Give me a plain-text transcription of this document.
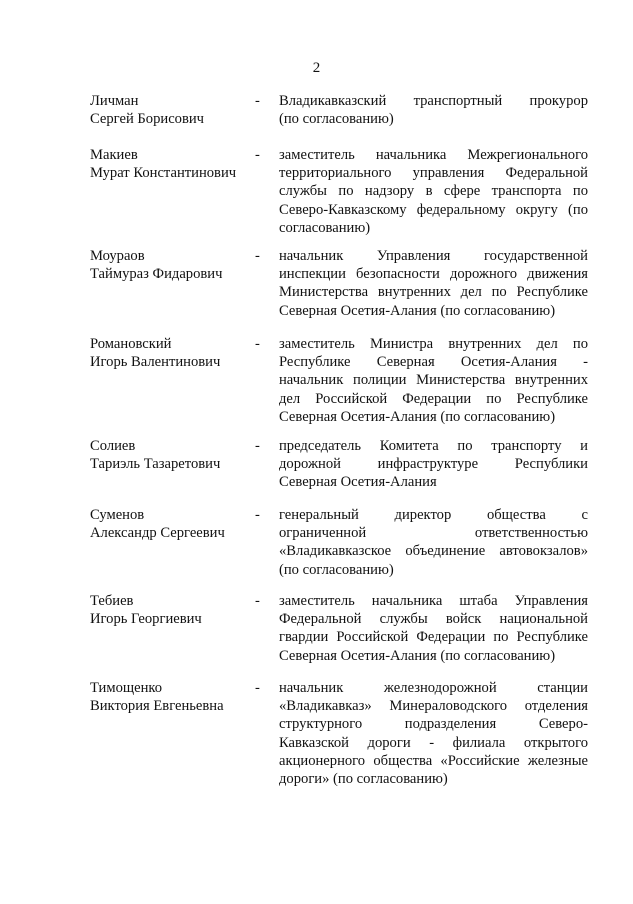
2
Личман
Сергей Борисович
-	Владикавказский транспортный прокурор
(по согласованию)
Макиев
Мурат Константинович
-	заместитель начальника Межрегионального
территориального управления Федеральной
службы по надзору в сфере транспорта по
Северо-Кавказскому федеральному округу (по
согласованию)
Моураов
Таймураз Фидарович
-	начальник Управления государственной
инспекции безопасности дорожного движения
Министерства внутренних дел по Республике
Северная Осетия-Алания (по согласованию)
Романовский
Игорь Валентинович
-	заместитель Министра внутренних дел по
Республике Северная Осетия-Алания -
начальник полиции Министерства внутренних
дел Российской Федерации по Республике
Северная Осетия-Алания (по согласованию)
Солиев
Тариэль Тазаретович
-	председатель Комитета по транспорту и
дорожной инфраструктуре Республики
Северная Осетия-Алания
Суменов
Александр Сергеевич
-	генеральный директор общества с
ограниченной ответственностью
«Владикавказское объединение автовокзалов»
(по согласованию)
Тебиев
Игорь Георгиевич
-	заместитель начальника штаба Управления
Федеральной службы войск национальной
гвардии Российской Федерации по Республике
Северная Осетия-Алания (по согласованию)
Тимощенко
Виктория Евгеньевна
-	начальник железнодорожной станции
«Владикавказ» Минераловодского отделения
структурного подразделения Северо-
Кавказской дороги - филиала открытого
акционерного общества «Российские железные
дороги» (по согласованию)
